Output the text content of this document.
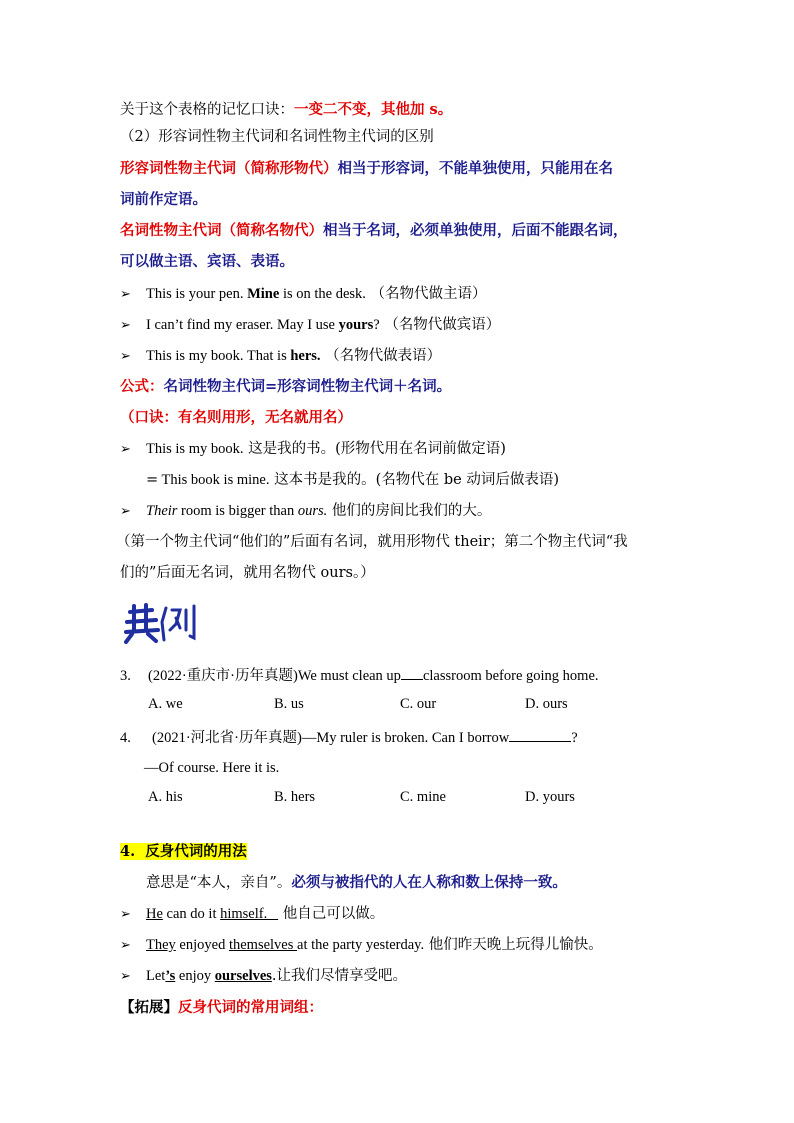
关于这个表格的记忆口诀：一变二不变，其他加 s。
（2）形容词性物主代词和名词性物主代词的区别
形容词性物主代词（简称形物代）相当于形容词，不能单独使用，只能用在名
词前作定语。
名词性物主代词（简称名物代）相当于名词，必须单独使用，后面不能跟名词，
可以做主语、宾语、表语。
➢ This is your pen. Mine is on the desk. （名物代做主语）
➢ I can’t find my eraser. May I use yours? （名物代做宾语）
➢ This is my book. That is hers. （名物代做表语）
公式：名词性物主代词=形容词性物主代词＋名词。
（口诀：有名则用形，无名就用名）
➢ This is my book. 这是我的书。(形物代用在名词前做定语)
= This book is mine. 这本书是我的。(名物代在 be 动词后做表语)
➢ Their room is bigger than ours. 他们的房间比我们的大。
（第一个物主代词“他们的”后面有名词，就用形物代 their；第二个物主代词“我
们的”后面无名词，就用名物代 ours。）
3. (2022·重庆市·历年真题)We must clean up classroom before going home.
A. we	B. us	C. our	D. ours
4. (2021·河北省·历年真题)—My ruler is broken. Can I borrow	?
—Of course. Here it is.
A. his	B. hers	C. mine	D. yours
4. 反身代词的用法
意思是“本人，亲自”。必须与被指代的人在人称和数上保持一致。
➢ He can do it himself.    他自己可以做。
➢ They enjoyed themselves at the party yesterday. 他们昨天晚上玩得儿愉快。
➢ Let’s enjoy ourselves.让我们尽情享受吧。
【拓展】反身代词的常用词组：
